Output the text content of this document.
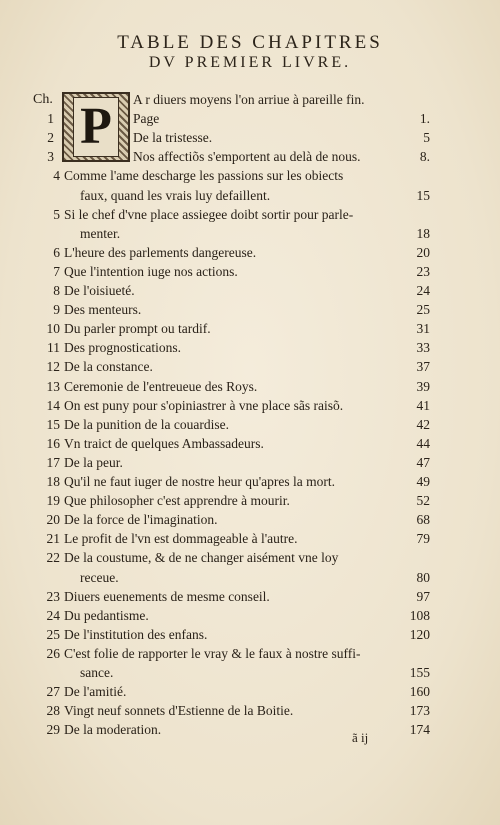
TABLE DES CHAPITRES
DV PREMIER LIVRE.
Ch. P	A r diuers moyens l'on arriue à pareille fin.
1	Page	1.
2	De la tristesse.	5
3	Nos affectiõs s'emportent au delà de nous.	8.
4 Comme l'ame descharge les passions sur les obiects
faux, quand les vrais luy defaillent.	15
5 Si le chef d'vne place assiegee doibt sortir pour parle-
menter.	18
6 L'heure des parlements dangereuse.	20
7 Que l'intention iuge nos actions.	23
8 De l'oisiueté.	24
9 Des menteurs.	25
10 Du parler prompt ou tardif.	31
11 Des prognostications.	33
12 De la constance.	37
13 Ceremonie de l'entreueue des Roys.	39
14 On est puny pour s'opiniastrer à vne place sãs raisõ.	41
15 De la punition de la couardise.	42
16 Vn traict de quelques Ambassadeurs.	44
17 De la peur.	47
18 Qu'il ne faut iuger de nostre heur qu'apres la mort.	49
19 Que philosopher c'est apprendre à mourir.	52
20 De la force de l'imagination.	68
21 Le profit de l'vn est dommageable à l'autre.	79
22 De la coustume, & de ne changer aisément vne loy
receue.	80
23 Diuers euenements de mesme conseil.	97
24 Du pedantisme.	108
25 De l'institution des enfans.	120
26 C'est folie de rapporter le vray & le faux à nostre suffi-
sance.	155
27 De l'amitié.	160
28 Vingt neuf sonnets d'Estienne de la Boitie.	173
29 De la moderation.	174
ã ij
